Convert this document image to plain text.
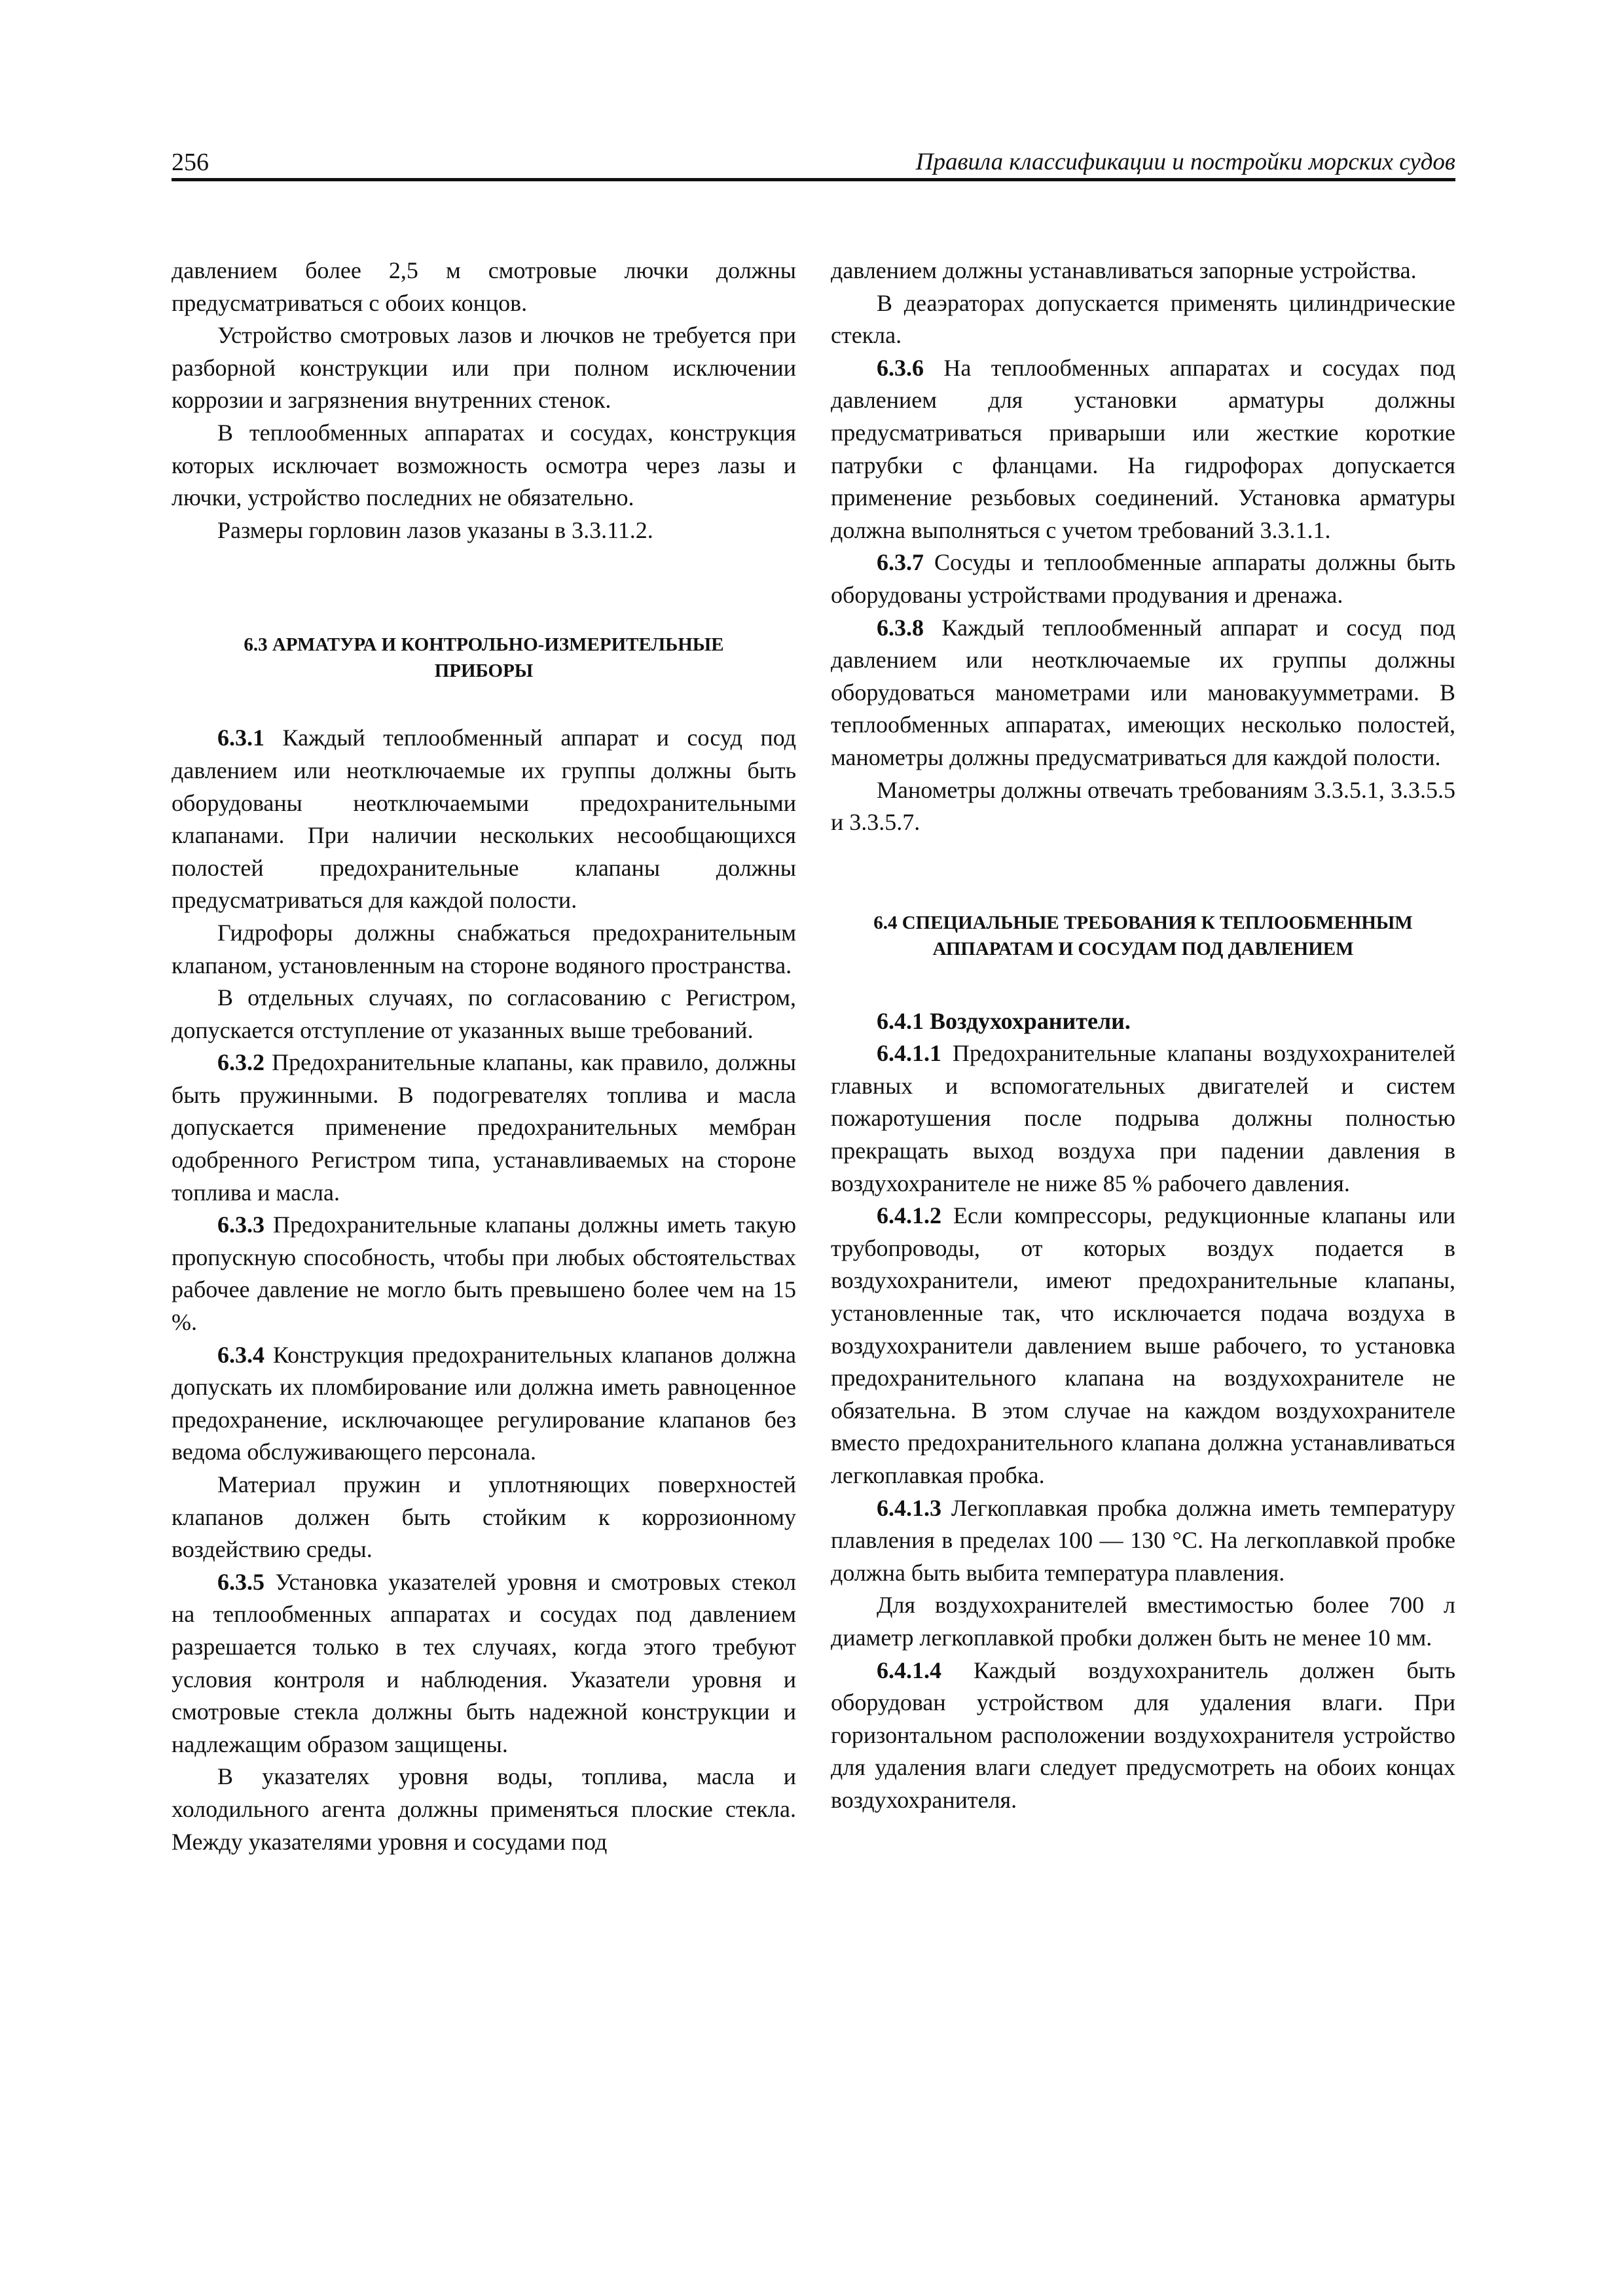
256	Правила классификации и постройки морских судов

давлением более 2,5 м смотровые лючки должны предусматриваться с обоих концов.

Устройство смотровых лазов и лючков не требуется при разборной конструкции или при полном исключении коррозии и загрязнения внутренних стенок.

В теплообменных аппаратах и сосудах, конструкция которых исключает возможность осмотра через лазы и лючки, устройство последних не обязательно.

Размеры горловин лазов указаны в 3.3.11.2.

6.3 АРМАТУРА И КОНТРОЛЬНО-ИЗМЕРИТЕЛЬНЫЕ

ПРИБОРЫ

6.3.1 Каждый теплообменный аппарат и сосуд под давлением или неотключаемые их группы должны быть оборудованы неотключаемыми предохранительными клапанами. При наличии нескольких несообщающихся полостей предохранительные клапаны должны предусматриваться для каждой полости.

Гидрофоры должны снабжаться предохранительным клапаном, установленным на стороне водяного пространства.

В отдельных случаях, по согласованию с Регистром, допускается отступление от указанных выше требований.

6.3.2 Предохранительные клапаны, как правило, должны быть пружинными. В подогревателях топлива и масла допускается применение предохранительных мембран одобренного Регистром типа, устанавливаемых на стороне топлива и масла.

6.3.3 Предохранительные клапаны должны иметь такую пропускную способность, чтобы при любых обстоятельствах рабочее давление не могло быть превышено более чем на 15 %.

6.3.4 Конструкция предохранительных клапанов должна допускать их пломбирование или должна иметь равноценное предохранение, исключающее регулирование клапанов без ведома обслуживающего персонала.

Материал пружин и уплотняющих поверхностей клапанов должен быть стойким к коррозионному воздействию среды.

6.3.5 Установка указателей уровня и смотровых стекол на теплообменных аппаратах и сосудах под давлением разрешается только в тех случаях, когда этого требуют условия контроля и наблюдения. Указатели уровня и смотровые стекла должны быть надежной конструкции и надлежащим образом защищены.

В указателях уровня воды, топлива, масла и холодильного агента должны применяться плоские стекла. Между указателями уровня и сосудами под

давлением должны устанавливаться запорные устройства.

В деаэраторах допускается применять цилиндрические стекла.

6.3.6 На теплообменных аппаратах и сосудах под давлением для установки арматуры должны предусматриваться приварыши или жесткие короткие патрубки с фланцами. На гидрофорах допускается применение резьбовых соединений. Установка арматуры должна выполняться с учетом требований 3.3.1.1.

6.3.7 Сосуды и теплообменные аппараты должны быть оборудованы устройствами продувания и дренажа.

6.3.8 Каждый теплообменный аппарат и сосуд под давлением или неотключаемые их группы должны оборудоваться манометрами или мановакуумметрами. В теплообменных аппаратах, имеющих несколько полостей, манометры должны предусматриваться для каждой полости.

Манометры должны отвечать требованиям 3.3.5.1, 3.3.5.5 и 3.3.5.7.

6.4 СПЕЦИАЛЬНЫЕ ТРЕБОВАНИЯ К ТЕПЛООБМЕННЫМ

АППАРАТАМ И СОСУДАМ ПОД ДАВЛЕНИЕМ

6.4.1 Воздухохранители.

6.4.1.1 Предохранительные клапаны воздухохранителей главных и вспомогательных двигателей и систем пожаротушения после подрыва должны полностью прекращать выход воздуха при падении давления в воздухохранителе не ниже 85 % рабочего давления.

6.4.1.2 Если компрессоры, редукционные клапаны или трубопроводы, от которых воздух подается в воздухохранители, имеют предохранительные клапаны, установленные так, что исключается подача воздуха в воздухохранители давлением выше рабочего, то установка предохранительного клапана на воздухохранителе не обязательна. В этом случае на каждом воздухохранителе вместо предохранительного клапана должна устанавливаться легкоплавкая пробка.

6.4.1.3 Легкоплавкая пробка должна иметь температуру плавления в пределах 100 — 130 °С. На легкоплавкой пробке должна быть выбита температура плавления.

Для воздухохранителей вместимостью более 700 л диаметр легкоплавкой пробки должен быть не менее 10 мм.

6.4.1.4 Каждый воздухохранитель должен быть оборудован устройством для удаления влаги. При горизонтальном расположении воздухохранителя устройство для удаления влаги следует предусмотреть на обоих концах воздухохранителя.
